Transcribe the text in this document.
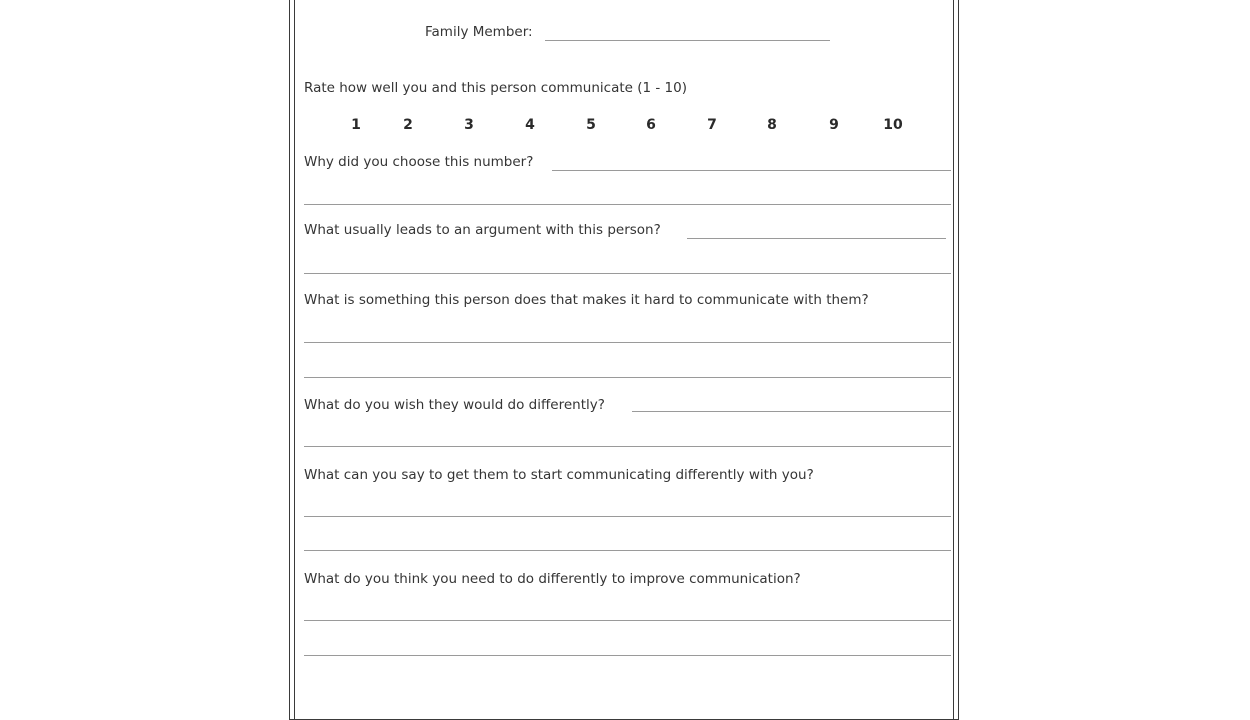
Family Member:
Rate how well you and this person communicate (1 - 10)
1	2	3	4	5	6	7	8	9	10
Why did you choose this number?
What usually leads to an argument with this person?
What is something this person does that makes it hard to communicate with them?
What do you wish they would do differently?
What can you say to get them to start communicating differently with you?
What do you think you need to do differently to improve communication?
